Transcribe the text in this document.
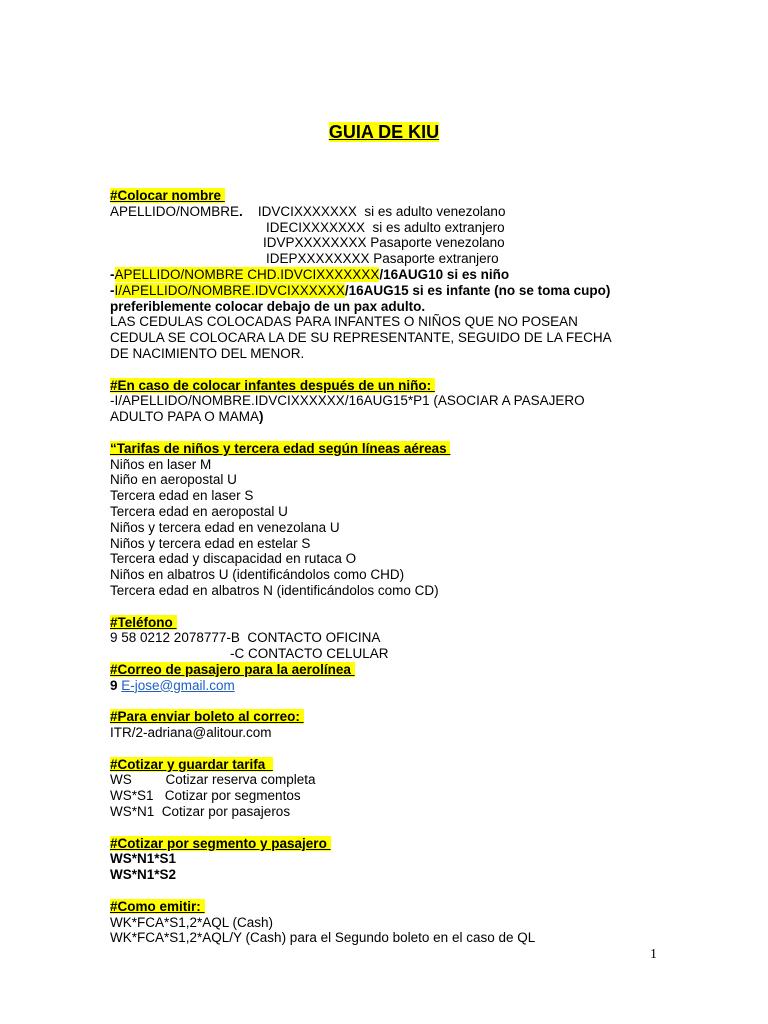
GUIA DE KIU
#Colocar nombre
APELLIDO/NOMBRE.    IDVCIXXXXXXX  si es adulto venezolano
IDECIXXXXXXX  si es adulto extranjero
IDVPXXXXXXXX Pasaporte venezolano
IDEPXXXXXXXX Pasaporte extranjero
-APELLIDO/NOMBRE CHD.IDVCIXXXXXXX/16AUG10 si es niño
-I/APELLIDO/NOMBRE.IDVCIXXXXXX/16AUG15 si es infante (no se toma cupo)
preferiblemente colocar debajo de un pax adulto.
LAS CEDULAS COLOCADAS PARA INFANTES O NIÑOS QUE NO POSEAN
CEDULA SE COLOCARA LA DE SU REPRESENTANTE, SEGUIDO DE LA FECHA
DE NACIMIENTO DEL MENOR.
#En caso de colocar infantes después de un niño:
-I/APELLIDO/NOMBRE.IDVCIXXXXXX/16AUG15*P1 (ASOCIAR A PASAJERO
ADULTO PAPA O MAMA)
“Tarifas de niños y tercera edad según líneas aéreas
Niños en laser M
Niño en aeropostal U
Tercera edad en laser S
Tercera edad en aeropostal U
Niños y tercera edad en venezolana U
Niños y tercera edad en estelar S
Tercera edad y discapacidad en rutaca O
Niños en albatros U (identificándolos como CHD)
Tercera edad en albatros N (identificándolos como CD)
#Teléfono
9 58 0212 2078777-B  CONTACTO OFICINA
-C CONTACTO CELULAR
#Correo de pasajero para la aerolínea
9 E-jose@gmail.com
#Para enviar boleto al correo:
ITR/2-adriana@alitour.com
#Cotizar y guardar tarifa
WS         Cotizar reserva completa
WS*S1   Cotizar por segmentos
WS*N1  Cotizar por pasajeros
#Cotizar por segmento y pasajero
WS*N1*S1
WS*N1*S2
#Como emitir:
WK*FCA*S1,2*AQL (Cash)
WK*FCA*S1,2*AQL/Y (Cash) para el Segundo boleto en el caso de QL
1
